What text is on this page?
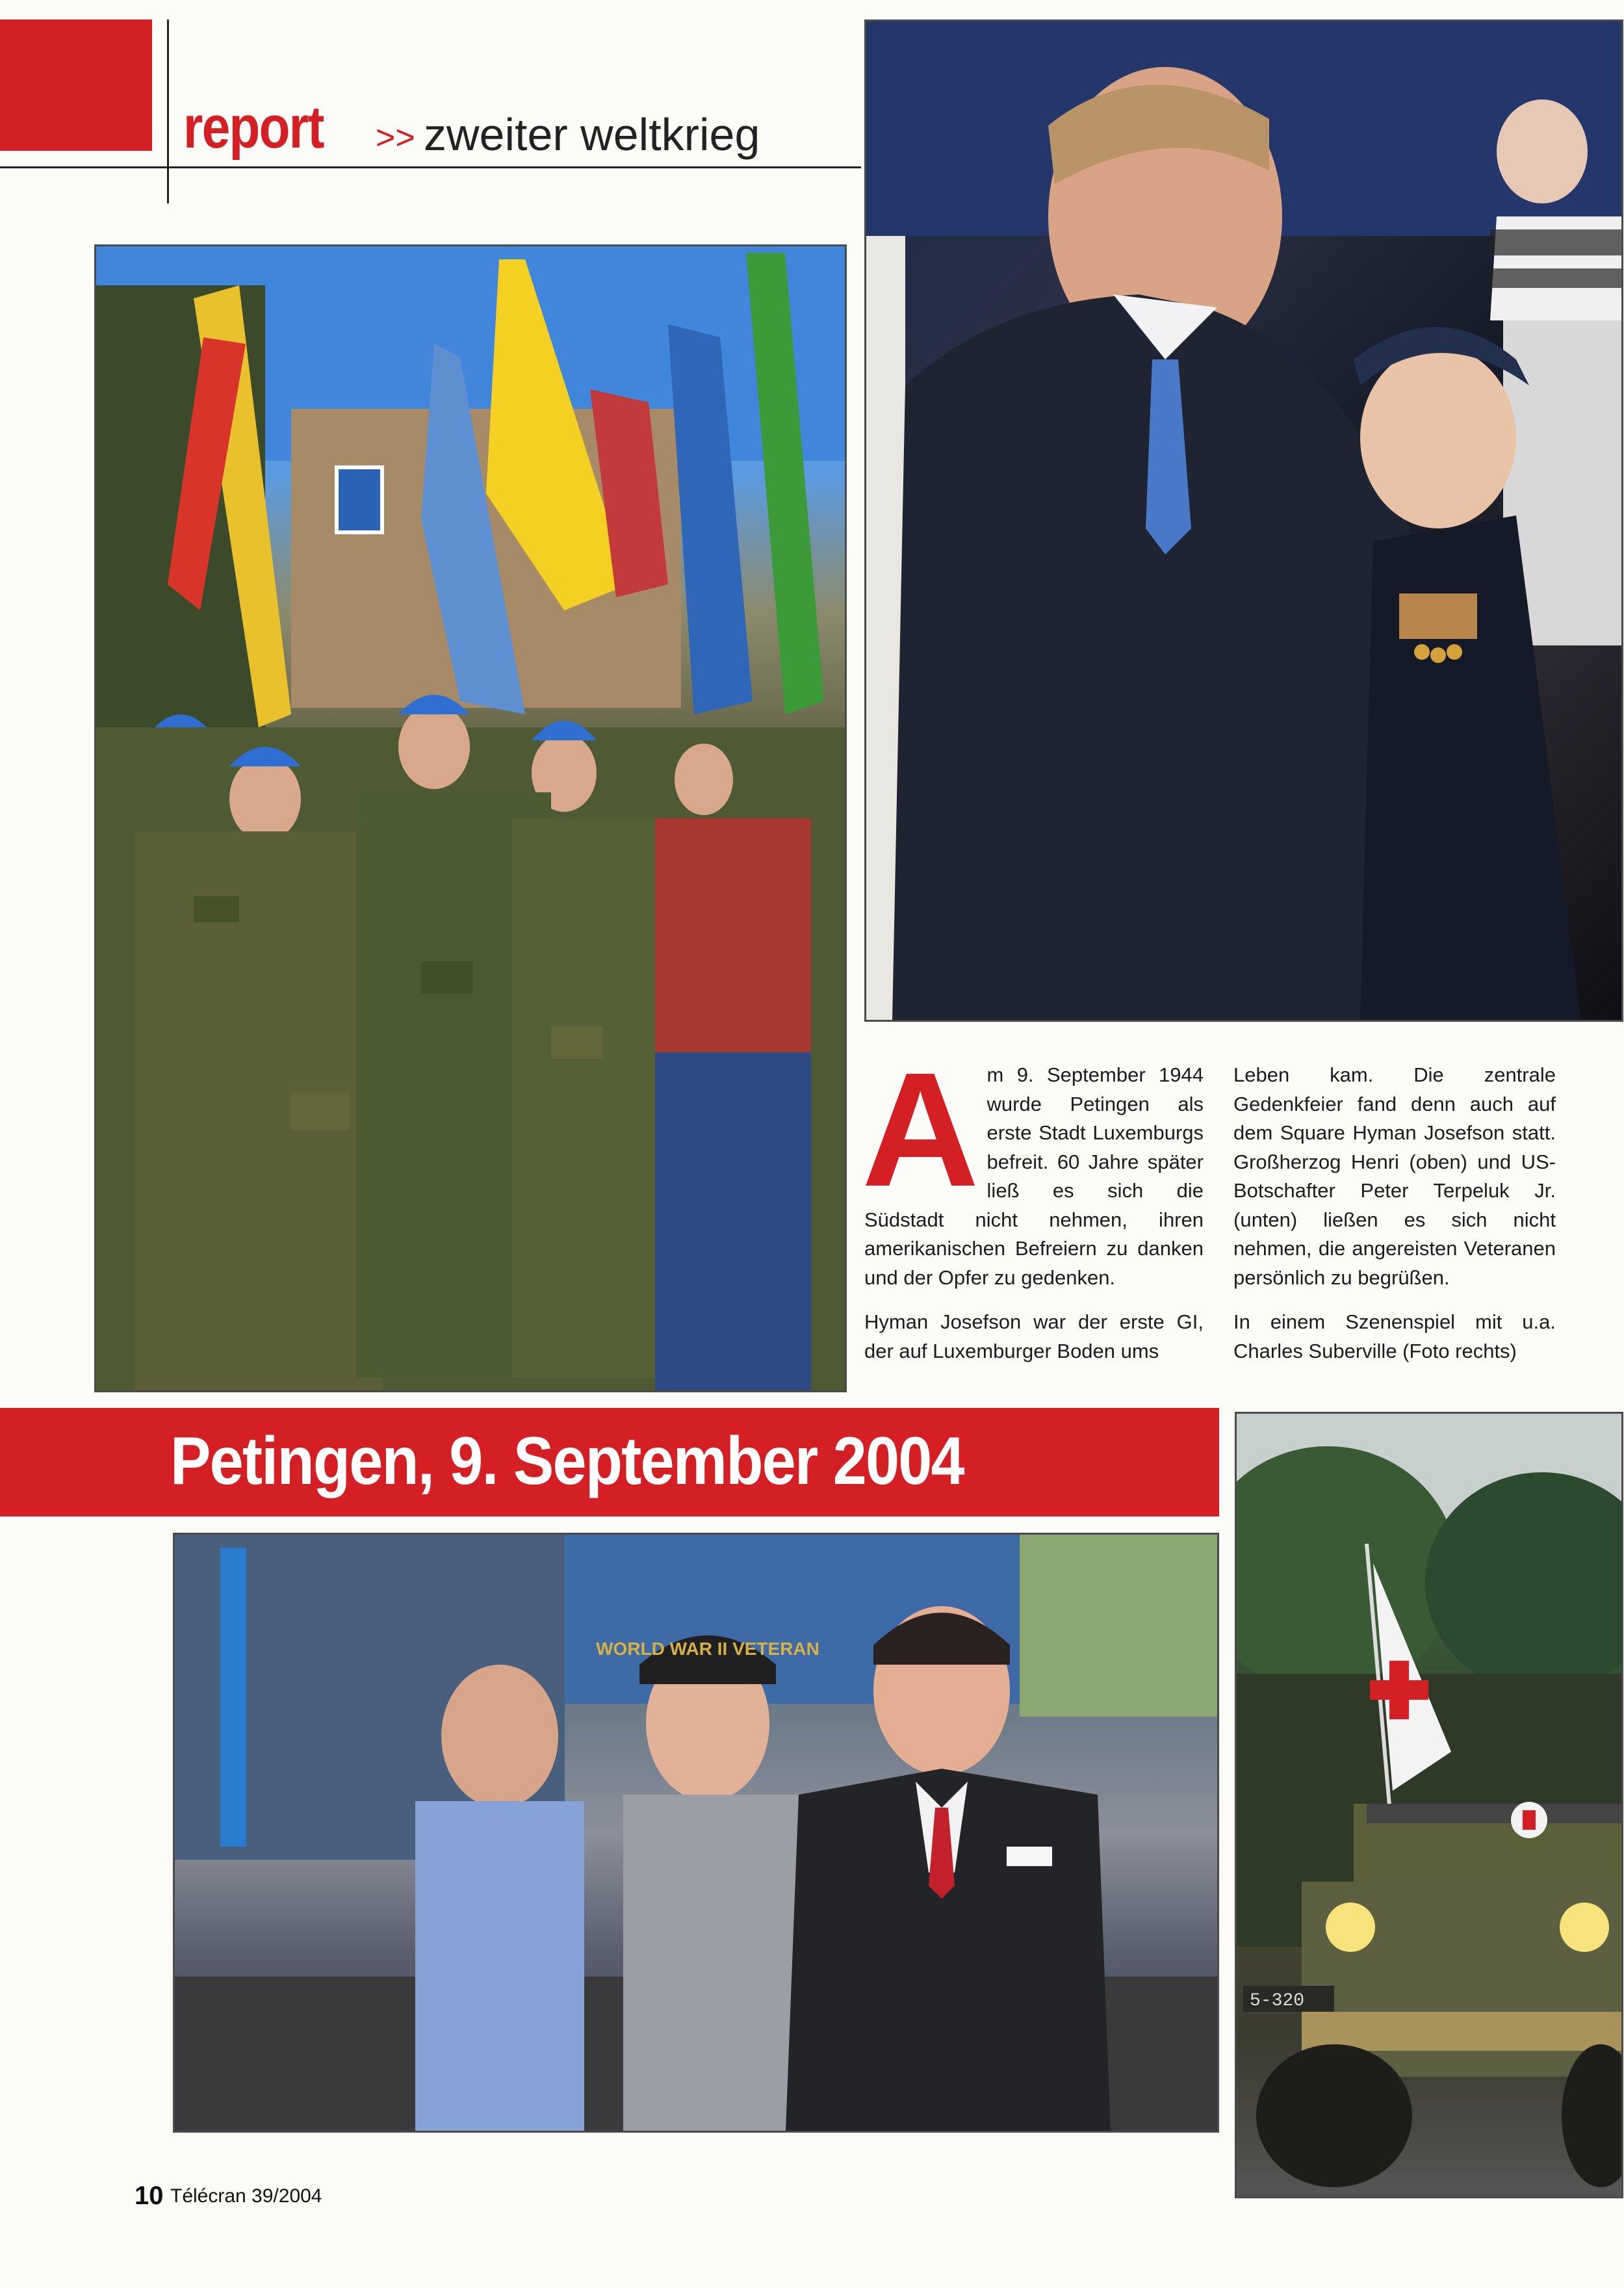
report >> zweiter weltkrieg
A m 9. September 1944 wurde Petingen als erste Stadt Luxemburgs befreit. 60 Jahre später ließ es sich die Südstadt nicht nehmen, ihren amerikanischen Befreiern zu danken und der Opfer zu gedenken.

Hyman Josefson war der erste GI, der auf Luxemburger Boden ums

Leben kam. Die zentrale Gedenkfeier fand denn auch auf dem Square Hyman Josefson statt. Großherzog Henri (oben) und US-Botschafter Peter Terpeluk Jr. (unten) ließen es sich nicht nehmen, die angereisten Veteranen persönlich zu begrüßen.

In einem Szenenspiel mit u.a. Charles Suberville (Foto rechts)

Petingen, 9. September 2004
WORLD WAR II VETERAN
5-320
10 Télécran 39/2004
